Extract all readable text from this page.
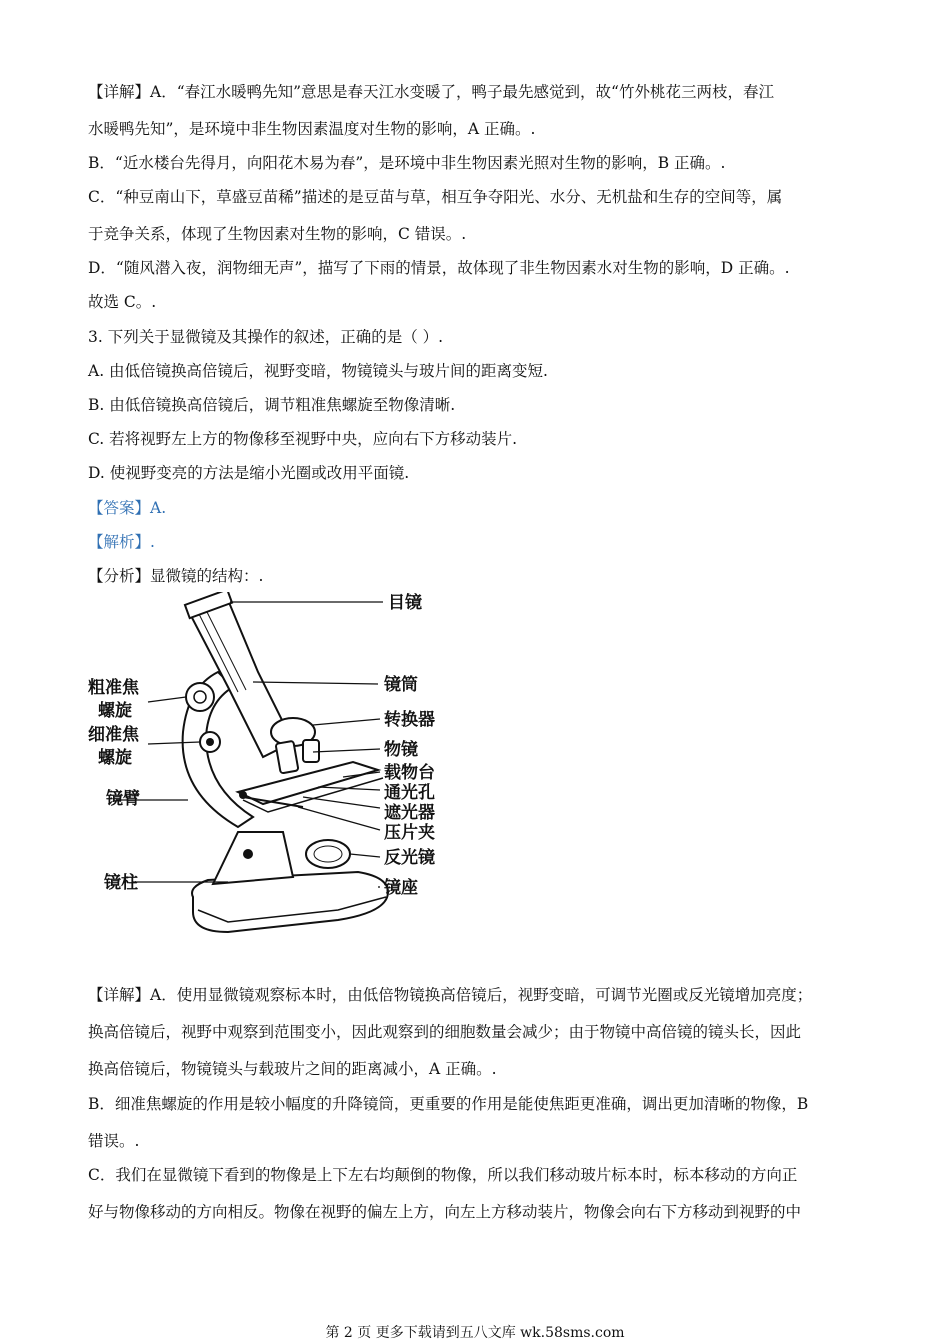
【详解】A．“春江水暖鸭先知”意思是春天江水变暖了，鸭子最先感觉到，故“竹外桃花三两枝，春江
水暖鸭先知”，是环境中非生物因素温度对生物的影响，A 正确。.
B．“近水楼台先得月，向阳花木易为春”，是环境中非生物因素光照对生物的影响，B 正确。.
C．“种豆南山下，草盛豆苗稀”描述的是豆苗与草，相互争夺阳光、水分、无机盐和生存的空间等，属
于竞争关系，体现了生物因素对生物的影响，C 错误。.
D．“随风潜入夜，润物细无声”，描写了下雨的情景，故体现了非生物因素水对生物的影响，D 正确。.
故选 C。.
3. 下列关于显微镜及其操作的叙述，正确的是（ ）.
A. 由低倍镜换高倍镜后，视野变暗，物镜镜头与玻片间的距离变短.
B. 由低倍镜换高倍镜后，调节粗准焦螺旋至物像清晰.
C. 若将视野左上方的物像移至视野中央，应向右下方移动装片.
D. 使视野变亮的方法是缩小光圈或改用平面镜.
【答案】A.
【解析】.
【分析】显微镜的结构：.
【详解】A．使用显微镜观察标本时，由低倍物镜换高倍镜后，视野变暗，可调节光圈或反光镜增加亮度；
换高倍镜后，视野中观察到范围变小，因此观察到的细胞数量会减少；由于物镜中高倍镜的镜头长，因此
换高倍镜后，物镜镜头与载玻片之间的距离减小，A 正确。.
B．细准焦螺旋的作用是较小幅度的升降镜筒，更重要的作用是能使焦距更准确，调出更加清晰的物像，B
错误。.
C．我们在显微镜下看到的物像是上下左右均颠倒的物像，所以我们移动玻片标本时，标本移动的方向正
好与物像移动的方向相反。物像在视野的偏左上方，向左上方移动装片，物像会向右下方移动到视野的中
目镜
镜筒
转换器
物镜
载物台
通光孔
遮光器
压片夹
反光镜
镜座
粗准焦
螺旋
细准焦
螺旋
镜臂
镜柱
第 2 页 更多下载请到五八文库 wk.58sms.com
